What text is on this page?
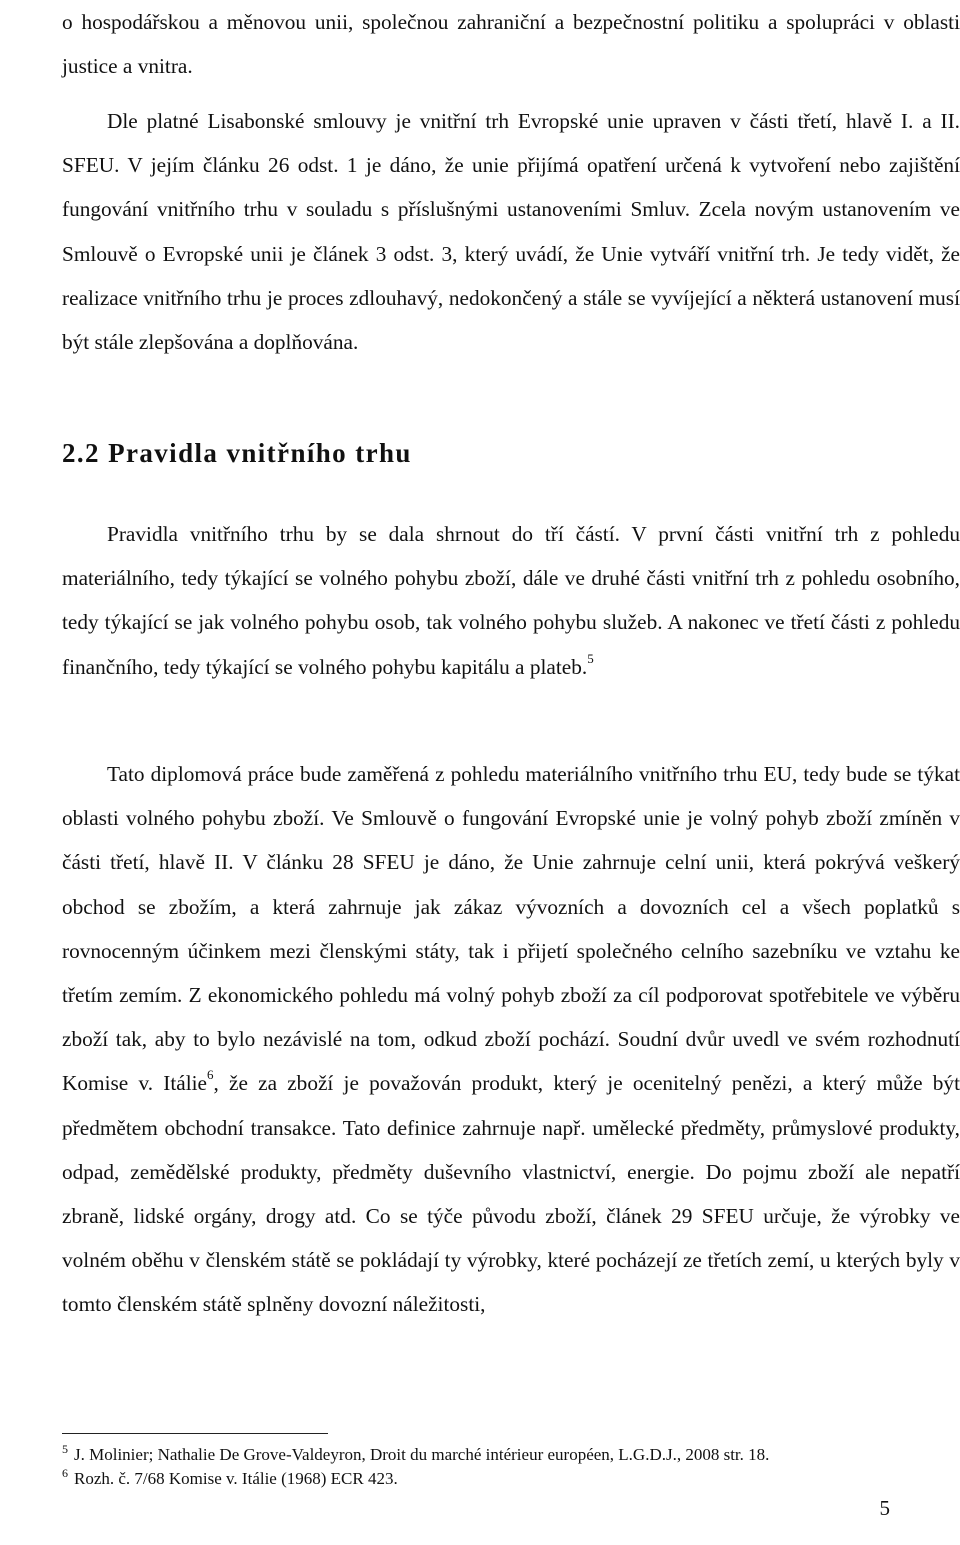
o hospodářskou a měnovou unii, společnou zahraniční a bezpečnostní politiku a spolupráci v oblasti justice a vnitra.

Dle platné Lisabonské smlouvy je vnitřní trh Evropské unie upraven v části třetí, hlavě I. a II. SFEU. V jejím článku 26 odst. 1 je dáno, že unie přijímá opatření určená k vytvoření nebo zajištění fungování vnitřního trhu v souladu s příslušnými ustanoveními Smluv. Zcela novým ustanovením ve Smlouvě o Evropské unii je článek 3 odst. 3, který uvádí, že Unie vytváří vnitřní trh. Je tedy vidět, že realizace vnitřního trhu je proces zdlouhavý, nedokončený a stále se vyvíjející a některá ustanovení musí být stále zlepšována a doplňována.

2.2 Pravidla vnitřního trhu

Pravidla vnitřního trhu by se dala shrnout do tří částí. V první části vnitřní trh z pohledu materiálního, tedy týkající se volného pohybu zboží, dále ve druhé části vnitřní trh z pohledu osobního, tedy týkající se jak volného pohybu osob, tak volného pohybu služeb. A nakonec ve třetí části z pohledu finančního, tedy týkající se volného pohybu kapitálu a plateb.$^5$

Tato diplomová práce bude zaměřená z pohledu materiálního vnitřního trhu EU, tedy bude se týkat oblasti volného pohybu zboží. Ve Smlouvě o fungování Evropské unie je volný pohyb zboží zmíněn v části třetí, hlavě II. V článku 28 SFEU je dáno, že Unie zahrnuje celní unii, která pokrývá veškerý obchod se zbožím, a která zahrnuje jak zákaz vývozních a dovozních cel a všech poplatků s rovnocenným účinkem mezi členskými státy, tak i přijetí společného celního sazebníku ve vztahu ke třetím zemím. Z ekonomického pohledu má volný pohyb zboží za cíl podporovat spotřebitele ve výběru zboží tak, aby to bylo nezávislé na tom, odkud zboží pochází. Soudní dvůr uvedl ve svém rozhodnutí Komise v. Itálie$^6$, že za zboží je považován produkt, který je ocenitelný penězi, a který může být předmětem obchodní transakce. Tato definice zahrnuje např. umělecké předměty, průmyslové produkty, odpad, zemědělské produkty, předměty duševního vlastnictví, energie. Do pojmu zboží ale nepatří zbraně, lidské orgány, drogy atd. Co se týče původu zboží, článek 29 SFEU určuje, že výrobky ve volném oběhu v členském státě se pokládají ty výrobky, které pocházejí ze třetích zemí, u kterých byly v tomto členském státě splněny dovozní náležitosti,

$^5$ J. Molinier; Nathalie De Grove-Valdeyron, Droit du marché intérieur européen, L.G.D.J., 2008 str. 18.
$^6$ Rozh. č. 7/68 Komise v. Itálie (1968) ECR 423.
5
